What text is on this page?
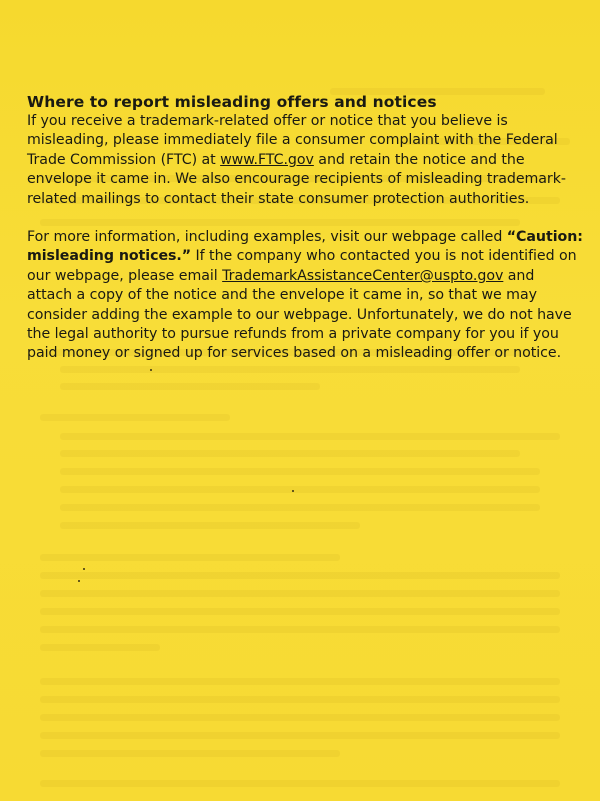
Where to report misleading offers and notices

If you receive a trademark-related offer or notice that you believe is misleading, please immediately file a consumer complaint with the Federal Trade Commission (FTC) at www.FTC.gov and retain the notice and the envelope it came in. We also encourage recipients of misleading trademark-related mailings to contact their state consumer protection authorities.

For more information, including examples, visit our webpage called “Caution: misleading notices.” If the company who contacted you is not identified on our webpage, please email TrademarkAssistanceCenter@uspto.gov and attach a copy of the notice and the envelope it came in, so that we may consider adding the example to our webpage. Unfortunately, we do not have the legal authority to pursue refunds from a private company for you if you paid money or signed up for services based on a misleading offer or notice.
